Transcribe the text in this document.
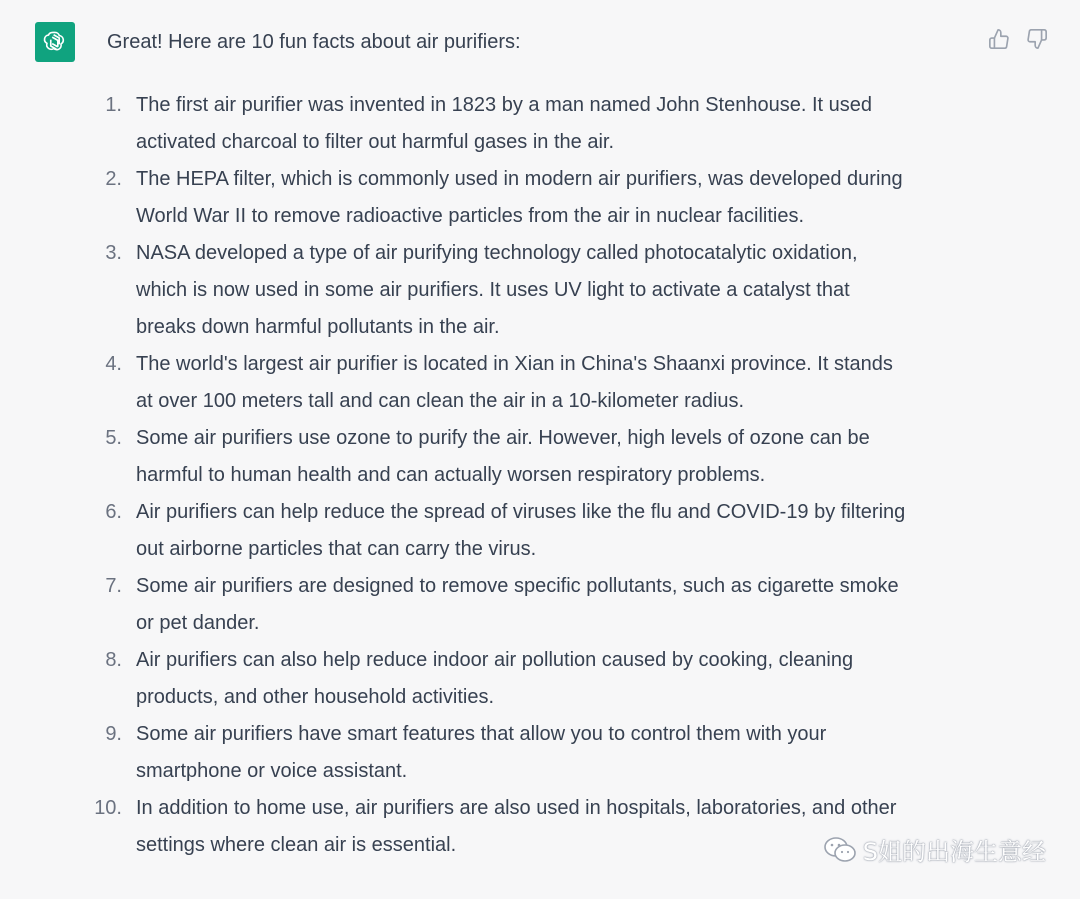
Great! Here are 10 fun facts about air purifiers:
1. The first air purifier was invented in 1823 by a man named John Stenhouse. It used
activated charcoal to filter out harmful gases in the air.
2. The HEPA filter, which is commonly used in modern air purifiers, was developed during
World War II to remove radioactive particles from the air in nuclear facilities.
3. NASA developed a type of air purifying technology called photocatalytic oxidation,
which is now used in some air purifiers. It uses UV light to activate a catalyst that
breaks down harmful pollutants in the air.
4. The world's largest air purifier is located in Xian in China's Shaanxi province. It stands
at over 100 meters tall and can clean the air in a 10-kilometer radius.
5. Some air purifiers use ozone to purify the air. However, high levels of ozone can be
harmful to human health and can actually worsen respiratory problems.
6. Air purifiers can help reduce the spread of viruses like the flu and COVID-19 by filtering
out airborne particles that can carry the virus.
7. Some air purifiers are designed to remove specific pollutants, such as cigarette smoke
or pet dander.
8. Air purifiers can also help reduce indoor air pollution caused by cooking, cleaning
products, and other household activities.
9. Some air purifiers have smart features that allow you to control them with your
smartphone or voice assistant.
10. In addition to home use, air purifiers are also used in hospitals, laboratories, and other
settings where clean air is essential.	S姐的出海生意经
